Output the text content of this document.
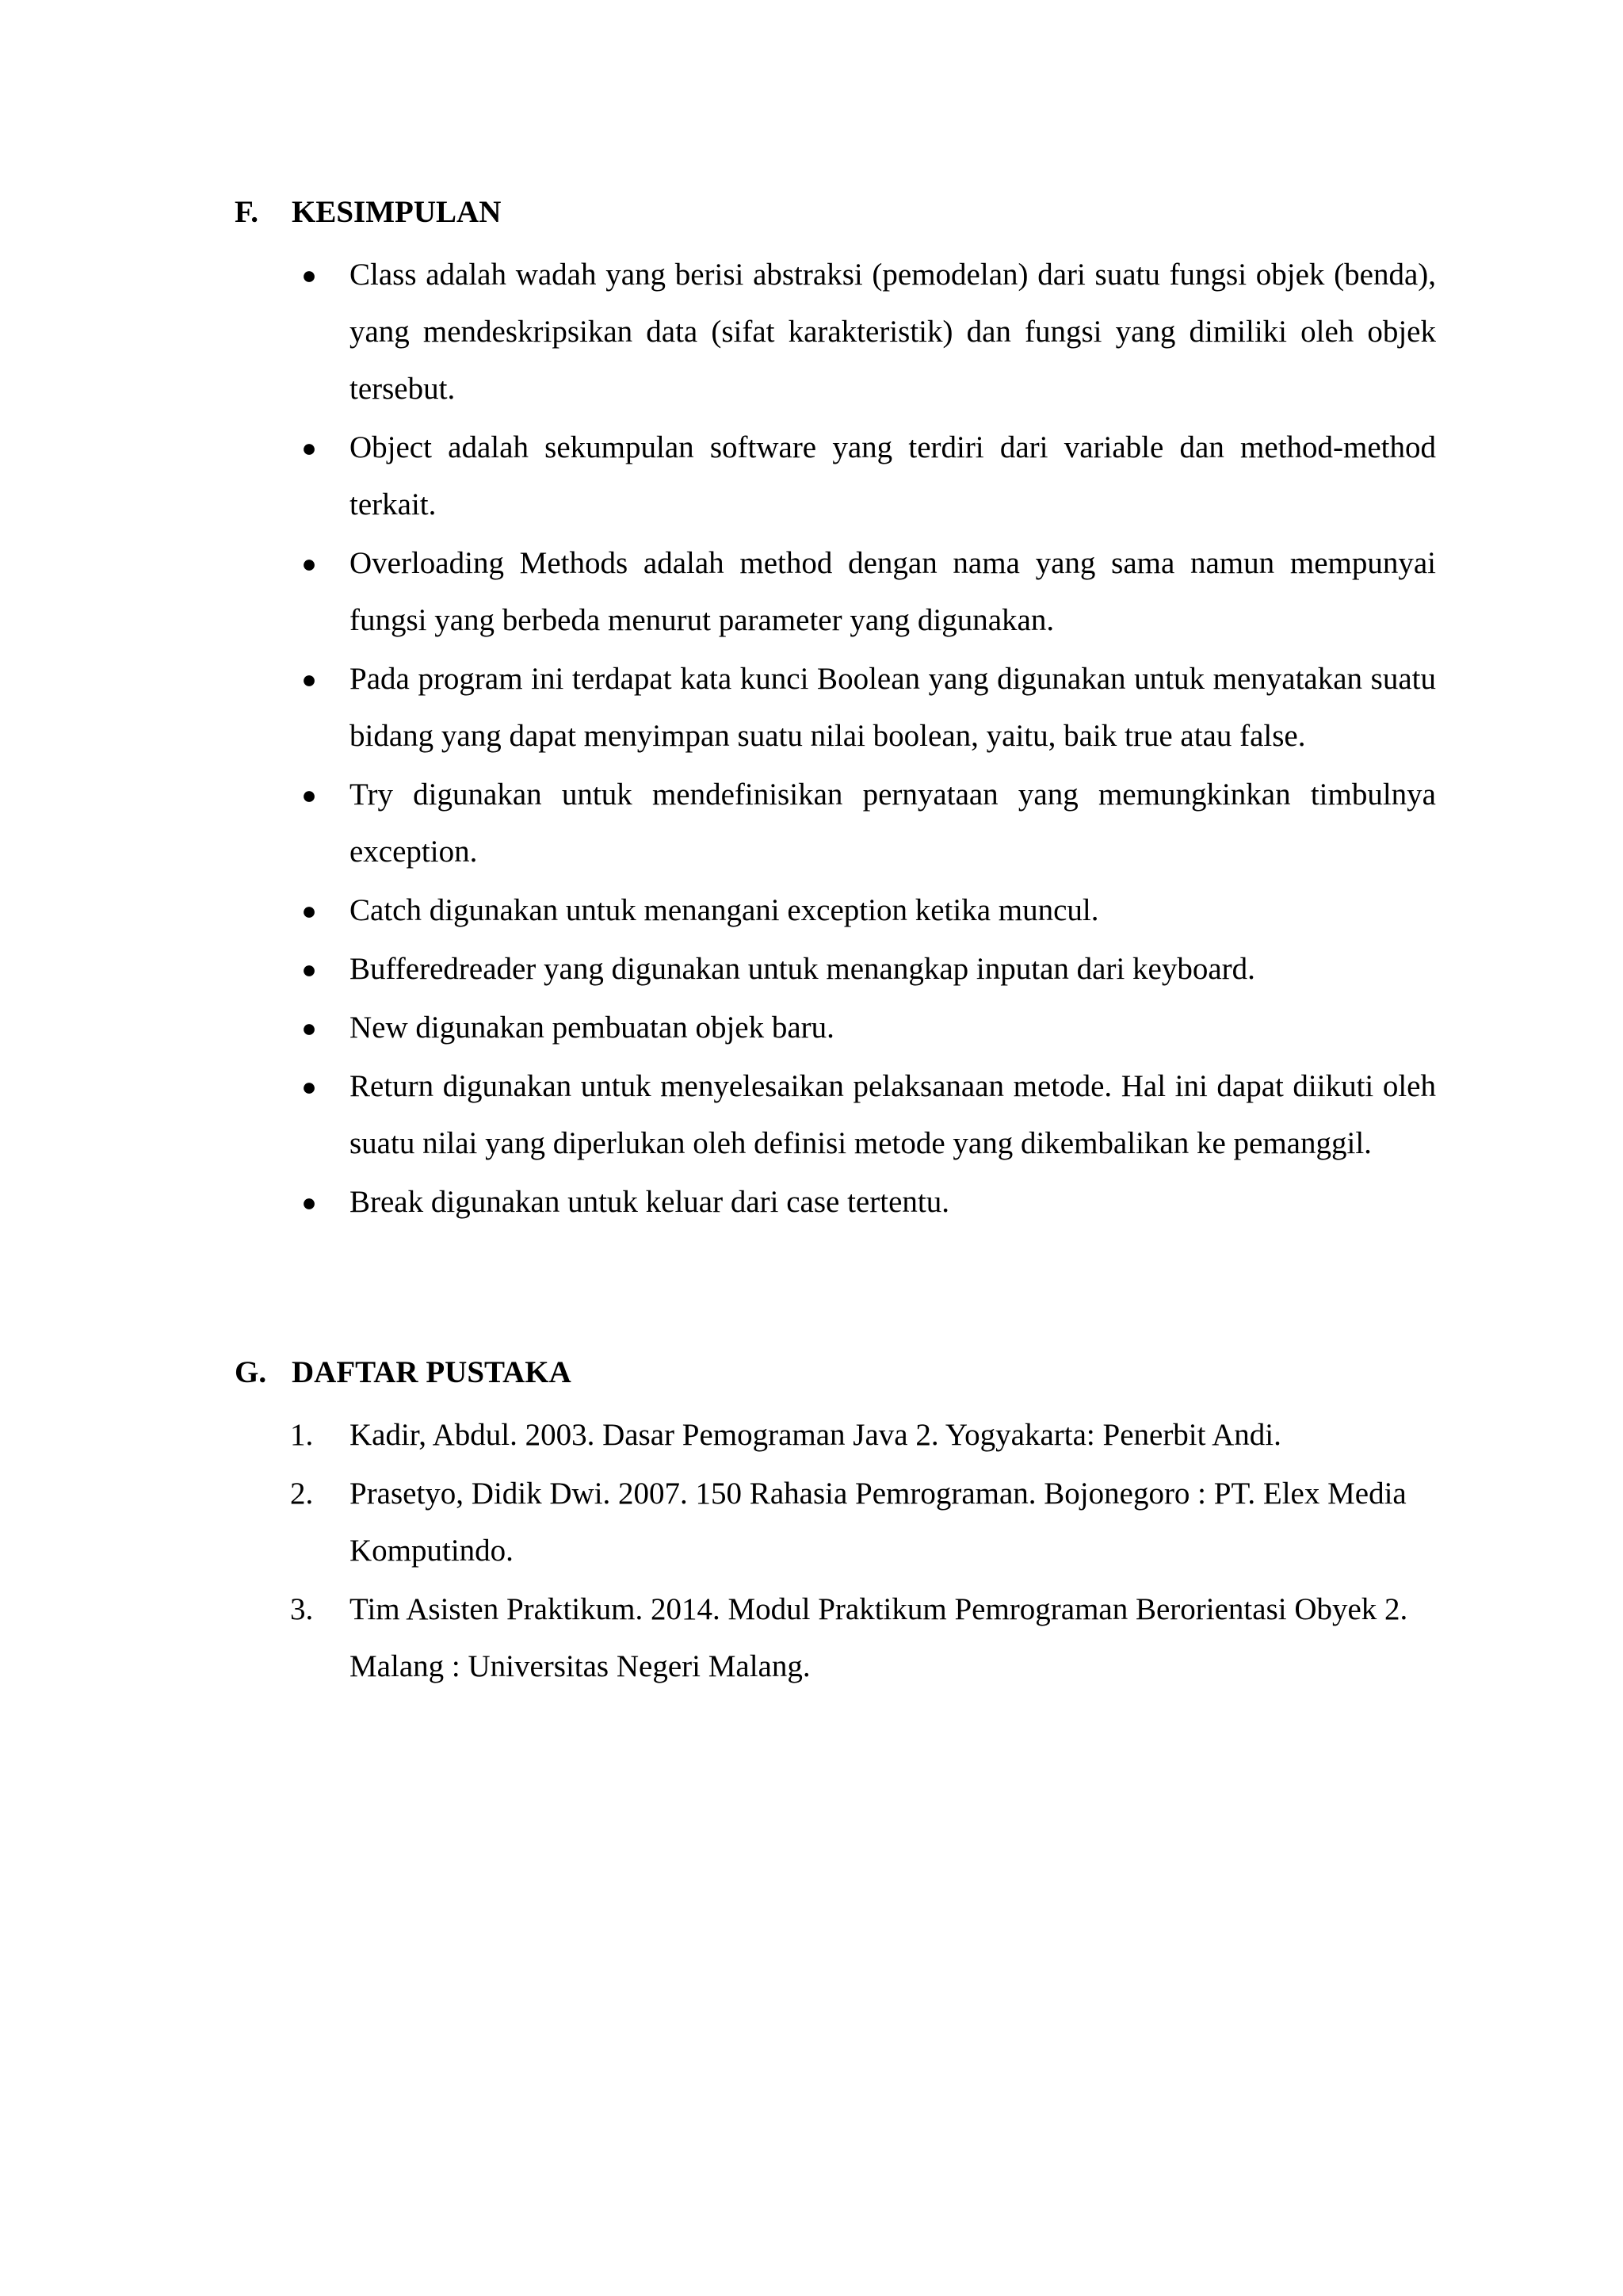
F. KESIMPULAN
● Class adalah wadah yang berisi abstraksi (pemodelan) dari suatu fungsi objek (benda), yang mendeskripsikan data (sifat karakteristik) dan fungsi yang dimiliki oleh objek tersebut.
● Object adalah sekumpulan software yang terdiri dari variable dan method-method terkait.
● Overloading Methods adalah method dengan nama yang sama namun mempunyai fungsi yang berbeda menurut parameter yang digunakan.
● Pada program ini terdapat kata kunci Boolean yang digunakan untuk menyatakan suatu bidang yang dapat menyimpan suatu nilai boolean, yaitu, baik true atau false.
● Try digunakan untuk mendefinisikan pernyataan yang memungkinkan timbulnya exception.
● Catch digunakan untuk menangani exception ketika muncul.
● Bufferedreader yang digunakan untuk menangkap inputan dari keyboard.
● New digunakan pembuatan objek baru.
● Return digunakan untuk menyelesaikan pelaksanaan metode. Hal ini dapat diikuti oleh suatu nilai yang diperlukan oleh definisi metode yang dikembalikan ke pemanggil.
● Break digunakan untuk keluar dari case tertentu.
G. DAFTAR PUSTAKA
1.	Kadir, Abdul. 2003. Dasar Pemograman Java 2. Yogyakarta: Penerbit Andi.
2.	Prasetyo, Didik Dwi. 2007. 150 Rahasia Pemrograman. Bojonegoro : PT. Elex Media Komputindo.
3.	Tim Asisten Praktikum. 2014. Modul Praktikum Pemrograman Berorientasi Obyek 2. Malang : Universitas Negeri Malang.
